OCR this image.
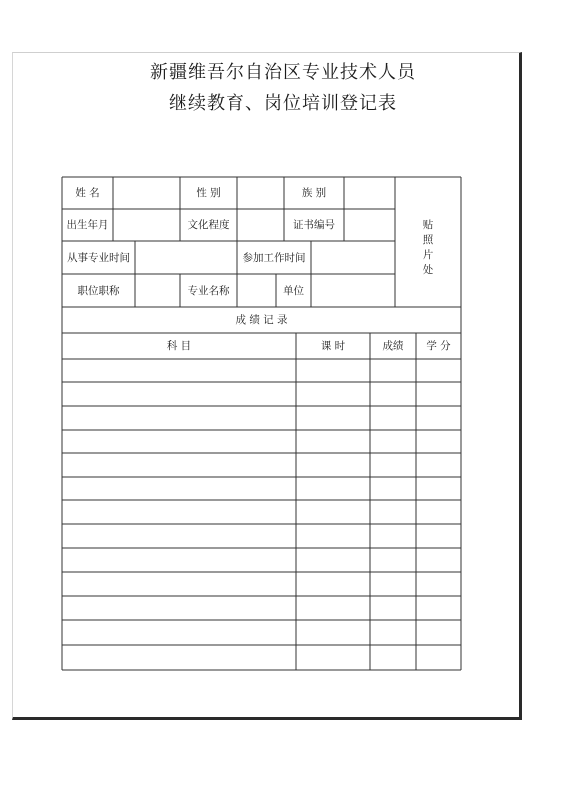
新疆维吾尔自治区专业技术人员
继续教育、岗位培训登记表
姓 名	性 别	族 别
出生年月	文化程度	证书编号
从事专业时间	参加工作时间
职位职称	专业名称	单位
贴
照
片
处
成 绩 记 录
科 目	课 时	成绩	学 分
